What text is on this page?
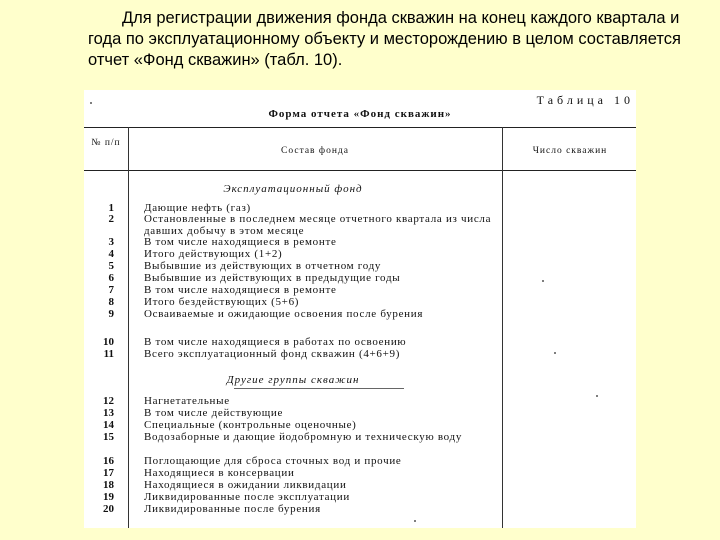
Для регистрации движения фонда скважин на конец каждого квартала и года по эксплуатационному объекту и месторождению в целом составляется отчет «Фонд скважин» (табл. 10).
Таблица 10
Форма отчета «Фонд скважин»
№ п/п
Состав фонда	Число скважин
Эксплуатационный фонд
1	Дающие нефть (газ)
2	Остановленные в последнем месяце отчетного квартала из числа давших добычу в этом месяце
3	В том числе находящиеся в ремонте
4	Итого действующих (1+2)
5	Выбывшие из действующих в отчетном году
6	Выбывшие из действующих в предыдущие годы
7	В том числе находящиеся в ремонте
8	Итого бездействующих (5+6)
9	Осваиваемые и ожидающие освоения после бурения
10	В том числе находящиеся в работах по освоению
11	Всего эксплуатационный фонд скважин (4+6+9)
Другие группы скважин
12	Нагнетательные
13	В том числе действующие
14	Специальные (контрольные оценочные)
15	Водозаборные и дающие йодобромную и техническую воду
16	Поглощающие для сброса сточных вод и прочие
17	Находящиеся в консервации
18	Находящиеся в ожидании ликвидации
19	Ликвидированные после эксплуатации
20	Ликвидированные после бурения
